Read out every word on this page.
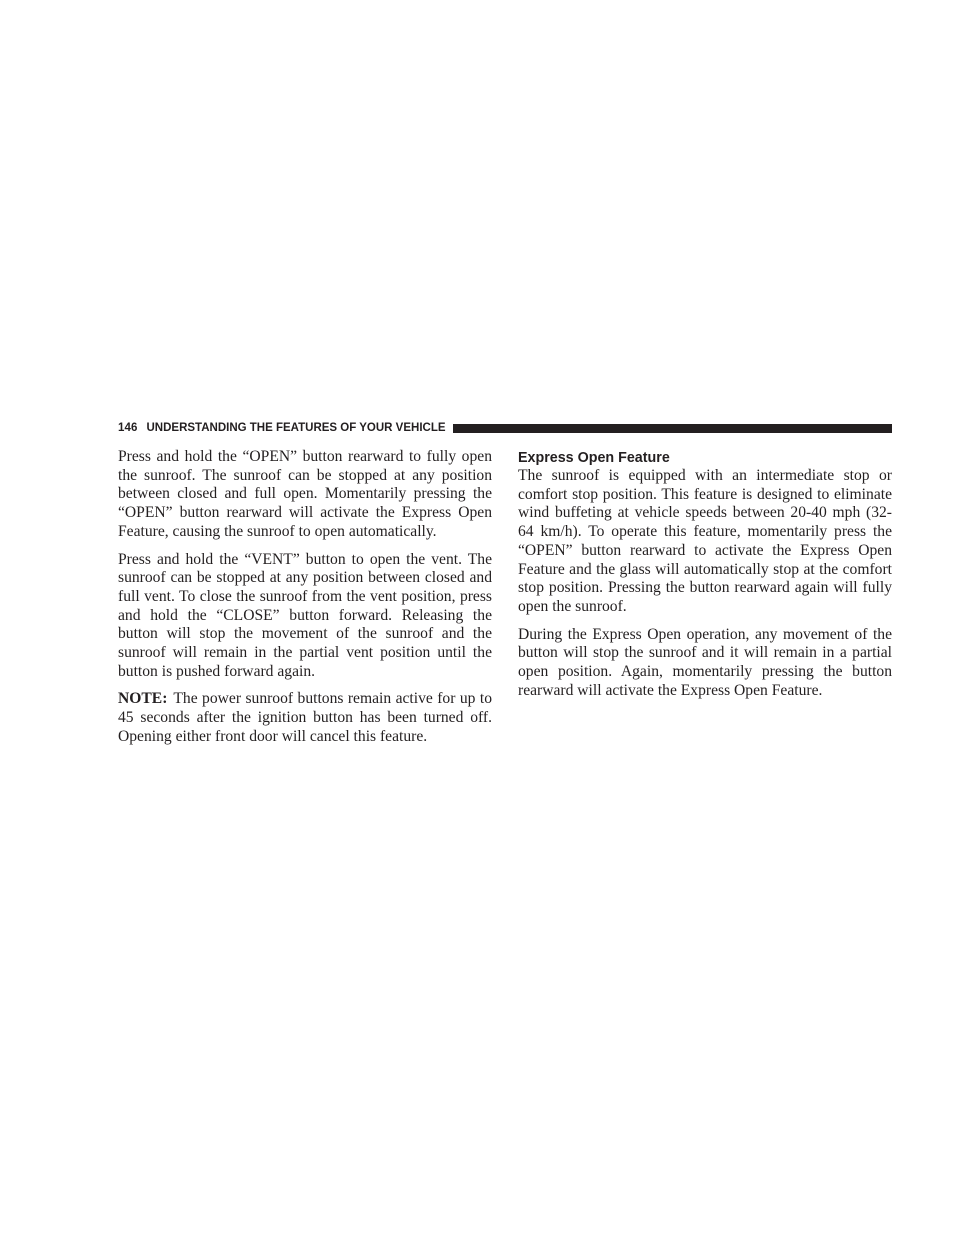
146 UNDERSTANDING THE FEATURES OF YOUR VEHICLE

Press and hold the “OPEN” button rearward to fully open the sunroof. The sunroof can be stopped at any position between closed and full open. Momentarily pressing the “OPEN” button rearward will activate the Express Open Feature, causing the sunroof to open automatically.

Press and hold the “VENT” button to open the vent. The sunroof can be stopped at any position between closed and full vent. To close the sunroof from the vent position, press and hold the “CLOSE” button forward. Releasing the button will stop the movement of the sunroof and the sunroof will remain in the partial vent position until the button is pushed forward again.

NOTE: The power sunroof buttons remain active for up to 45 seconds after the ignition button has been turned off. Opening either front door will cancel this feature.

Express Open Feature

The sunroof is equipped with an intermediate stop or comfort stop position. This feature is designed to eliminate wind buffeting at vehicle speeds between 20-40 mph (32-64 km/h). To operate this feature, momentarily press the “OPEN” button rearward to activate the Express Open Feature and the glass will automatically stop at the comfort stop position. Pressing the button rearward again will fully open the sunroof.

During the Express Open operation, any movement of the button will stop the sunroof and it will remain in a partial open position. Again, momentarily pressing the button rearward will activate the Express Open Feature.
